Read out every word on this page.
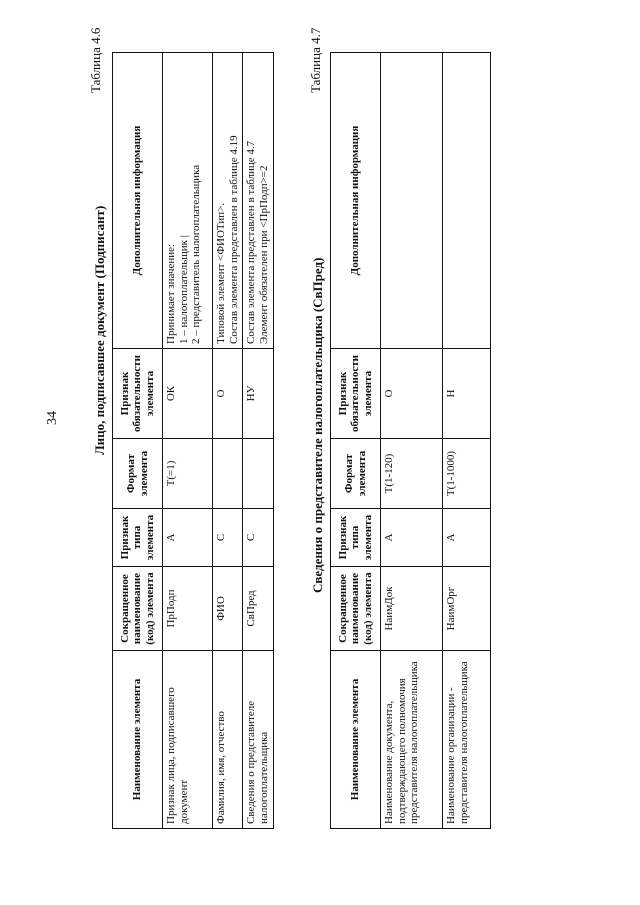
34
Таблица 4.6
Лицо, подписавшее документ (Подписант)
Наименование элемента	Сокращенное наименование (код) элемента	Признак типа элемента	Формат элемента	Признак обязательности элемента	Дополнительная информация
Признак лица, подписавшего документ	ПрПодп	А	T(=1)	ОК	Принимает значение: 1 – налогоплательщик | 2 – представитель налогоплательщика

Фамилия, имя, отчество	ФИО	С		О	Типовой элемент <ФИОТип>. Состав элемента представлен в таблице 4.19

Сведения о представителе налогоплательщика	СвПред	С		НУ	Состав элемента представлен в таблице 4.7 Элемент обязателен при <ПрПодп>=2
Таблица 4.7
Сведения о представителе налогоплательщика (СвПред)
Наименование элемента	Сокращенное наименование (код) элемента	Признак типа элемента	Формат элемента	Признак обязательности элемента	Дополнительная информация
Наименование документа, подтверждающего полномочия представителя налогоплательщика	НаимДок	А	T(1-120)	О	
Наименование организации - представителя налогоплательщика	НаимОрг	А	T(1-1000)	Н	
